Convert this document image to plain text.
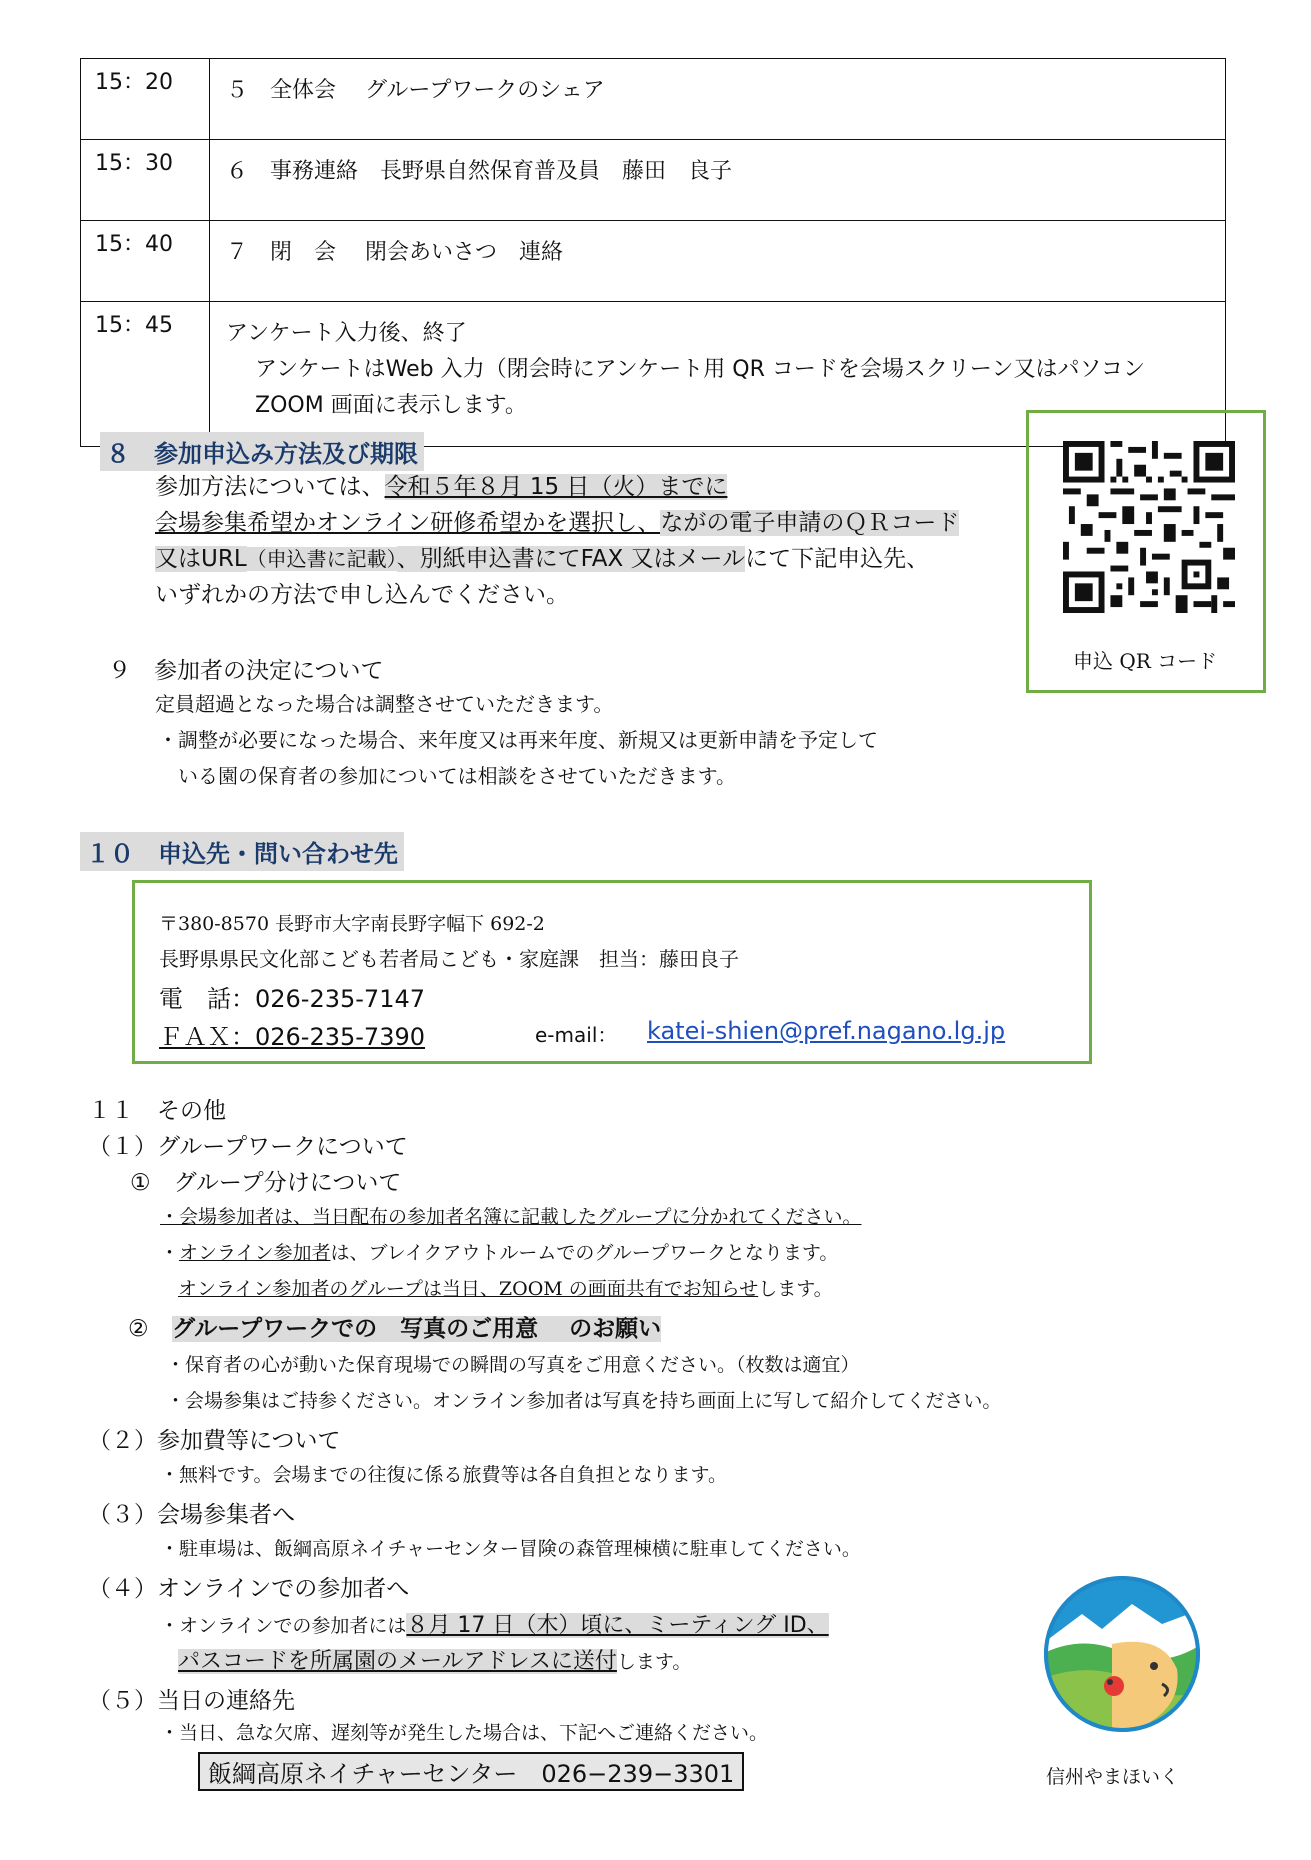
15：20	５　全体会　 グループワークのシェア
15：30	６　事務連絡　長野県自然保育普及員　藤田　良子
15：40	７　閉　会　 閉会あいさつ　連絡
15：45	アンケート入力後、終了
　 アンケートはWeb 入力（閉会時にアンケート用 QR コードを会場スクリーン又はパソコン
　 ZOOM 画面に表示します。
８　参加申込み方法及び期限
参加方法については、令和５年８月 15 日（火）までに
会場参集希望かオンライン研修希望かを選択し、ながの電子申請のＱＲコード
又はURL（申込書に記載）、別紙申込書にてFAX 又はメールにて下記申込先、
いずれかの方法で申し込んでください。
申込 QR コード
９　参加者の決定について
定員超過となった場合は調整させていただきます。
・調整が必要になった場合、来年度又は再来年度、新規又は更新申請を予定して
　いる園の保育者の参加については相談をさせていただきます。
１０　申込先・問い合わせ先
〒380-8570 長野市大字南長野字幅下 692-2
長野県県民文化部こども若者局こども・家庭課　担当：藤田良子
電　話：026-235-7147
ＦＡＸ：026-235-7390	e-mail： katei-shien@pref.nagano.lg.jp
１１　その他
（１）グループワークについて
①　グループ分けについて
・会場参加者は、当日配布の参加者名簿に記載したグループに分かれてください。
・オンライン参加者は、ブレイクアウトルームでのグループワークとなります。
オンライン参加者のグループは当日、ZOOM の画面共有でお知らせします。
② グループワークでの　写真のご用意　 のお願い
・保育者の心が動いた保育現場での瞬間の写真をご用意ください。（枚数は適宜）
・会場参集はご持参ください。オンライン参加者は写真を持ち画面上に写して紹介してください。
（２）参加費等について
・無料です。会場までの往復に係る旅費等は各自負担となります。
（３）会場参集者へ
・駐車場は、飯綱高原ネイチャーセンター冒険の森管理棟横に駐車してください。
（４）オンラインでの参加者へ
・オンラインでの参加者には８月 17 日（木）頃に、ミーティング ID、
パスコードを所属園のメールアドレスに送付します。
（５）当日の連絡先
・当日、急な欠席、遅刻等が発生した場合は、下記へご連絡ください。
飯綱高原ネイチャーセンター　026−239−3301	信州やまほいく
